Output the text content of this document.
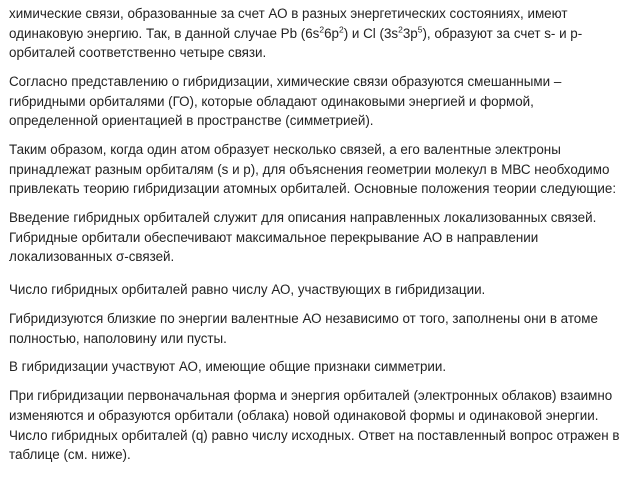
химические связи, образованные за счет АО в разных энергетических состояниях, имеют
одинаковую энергию. Так, в данной случае Pb $(6s^26p^2)$ и Cl $(3s^23p^5)$, образуют за счет s- и р-
орбиталей соответственно четыре связи.
Согласно представлению о гибридизации, химические связи образуются смешанными –
гибридными орбиталями (ГО), которые обладают одинаковыми энергией и формой,
определенной ориентацией в пространстве (симметрией).
Таким образом, когда один атом образует несколько связей, а его валентные электроны
принадлежат разным орбиталям (s и p), для объяснения геометрии молекул в МВС необходимо
привлекать теорию гибридизации атомных орбиталей. Основные положения теории следующие:
Введение гибридных орбиталей служит для описания направленных локализованных связей.
Гибридные орбитали обеспечивают максимальное перекрывание АО в направлении
локализованных σ-связей.
Число гибридных орбиталей равно числу АО, участвующих в гибридизации.
Гибридизуются близкие по энергии валентные АО независимо от того, заполнены они в атоме
полностью, наполовину или пусты.
В гибридизации участвуют АО, имеющие общие признаки симметрии.
При гибридизации первоначальная форма и энергия орбиталей (электронных облаков) взаимно
изменяются и образуются орбитали (облака) новой одинаковой формы и одинаковой энергии.
Число гибридных орбиталей (q) равно числу исходных. Ответ на поставленный вопрос отражен в
таблице (см. ниже).
